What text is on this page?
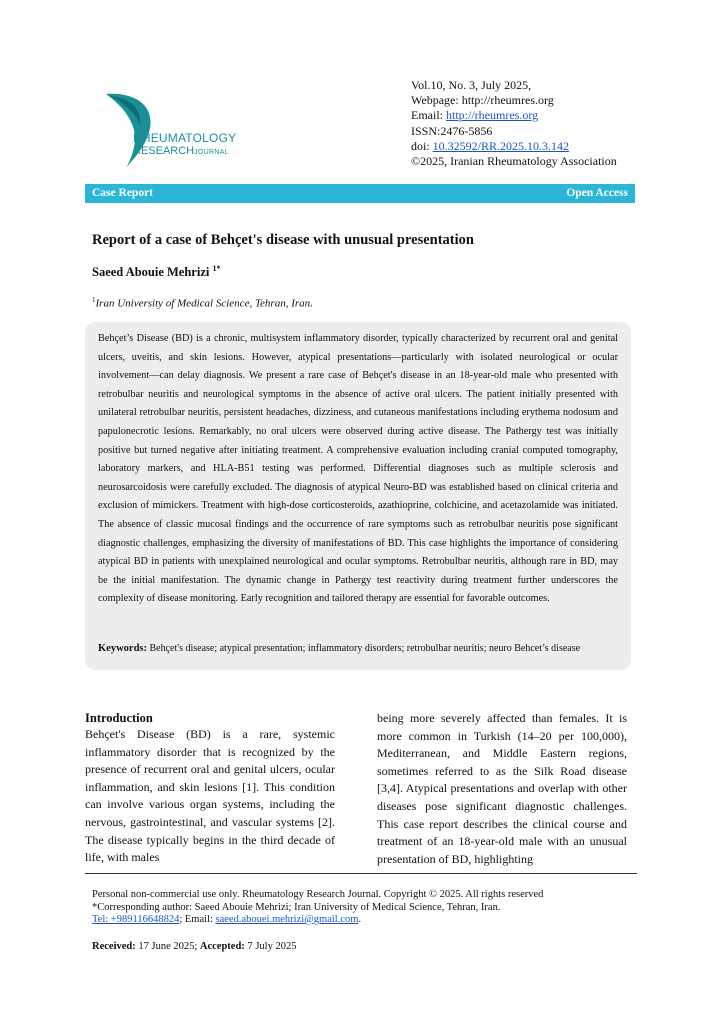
RHEUMATOLOGY
RESEARCHJOURNAL
Vol.10, No. 3, July 2025,
Webpage: http://rheumres.org
Email: http://rheumres.org
ISSN:2476-5856
doi: 10.32592/RR.2025.10.3.142
©2025, Iranian Rheumatology Association
Case Report	Open Access
Report of a case of Behçet's disease with unusual presentation
Saeed Abouie Mehrizi $^{1*}$
$^1$Iran University of Medical Science, Tehran, Iran.
Behçet’s Disease (BD) is a chronic, multisystem inflammatory disorder, typically characterized by recurrent oral and genital ulcers, uveitis, and skin lesions. However, atypical presentations—particularly with isolated neurological or ocular involvement—can delay diagnosis. We present a rare case of Behçet's disease in an 18-year-old male who presented with retrobulbar neuritis and neurological symptoms in the absence of active oral ulcers. The patient initially presented with unilateral retrobulbar neuritis, persistent headaches, dizziness, and cutaneous manifestations including erythema nodosum and papulonecrotic lesions. Remarkably, no oral ulcers were observed during active disease. The Pathergy test was initially positive but turned negative after initiating treatment. A comprehensive evaluation including cranial computed tomography, laboratory markers, and HLA-B51 testing was performed. Differential diagnoses such as multiple sclerosis and neurosarcoidosis were carefully excluded. The diagnosis of atypical Neuro-BD was established based on clinical criteria and exclusion of mimickers. Treatment with high-dose corticosteroids, azathioprine, colchicine, and acetazolamide was initiated. The absence of classic mucosal findings and the occurrence of rare symptoms such as retrobulbar neuritis pose significant diagnostic challenges, emphasizing the diversity of manifestations of BD. This case highlights the importance of considering atypical BD in patients with unexplained neurological and ocular symptoms. Retrobulbar neuritis, although rare in BD, may be the initial manifestation. The dynamic change in Pathergy test reactivity during treatment further underscores the complexity of disease monitoring. Early recognition and tailored therapy are essential for favorable outcomes.
Keywords: Behçet's disease; atypical presentation; inflammatory disorders; retrobulbar neuritis; neuro Behcet’s disease
Introduction
Behçet's Disease (BD) is a rare, systemic inflammatory disorder that is recognized by the presence of recurrent oral and genital ulcers, ocular inflammation, and skin lesions [1]. This condition can involve various organ systems, including the nervous, gastrointestinal, and vascular systems [2]. The disease typically begins in the third decade of life, with males
being more severely affected than females. It is more common in Turkish (14–20 per 100,000), Mediterranean, and Middle Eastern regions, sometimes referred to as the Silk Road disease [3,4]. Atypical presentations and overlap with other diseases pose significant diagnostic challenges. This case report describes the clinical course and treatment of an 18-year-old male with an unusual presentation of BD, highlighting
Personal non-commercial use only. Rheumatology Research Journal. Copyright © 2025. All rights reserved
*Corresponding author: Saeed Abouie Mehrizi; Iran University of Medical Science, Tehran, Iran.
Tel: +989116648824; Email: saeed.abouei.mehrizi@gmail.com.
Received: 17 June 2025; Accepted: 7 July 2025
